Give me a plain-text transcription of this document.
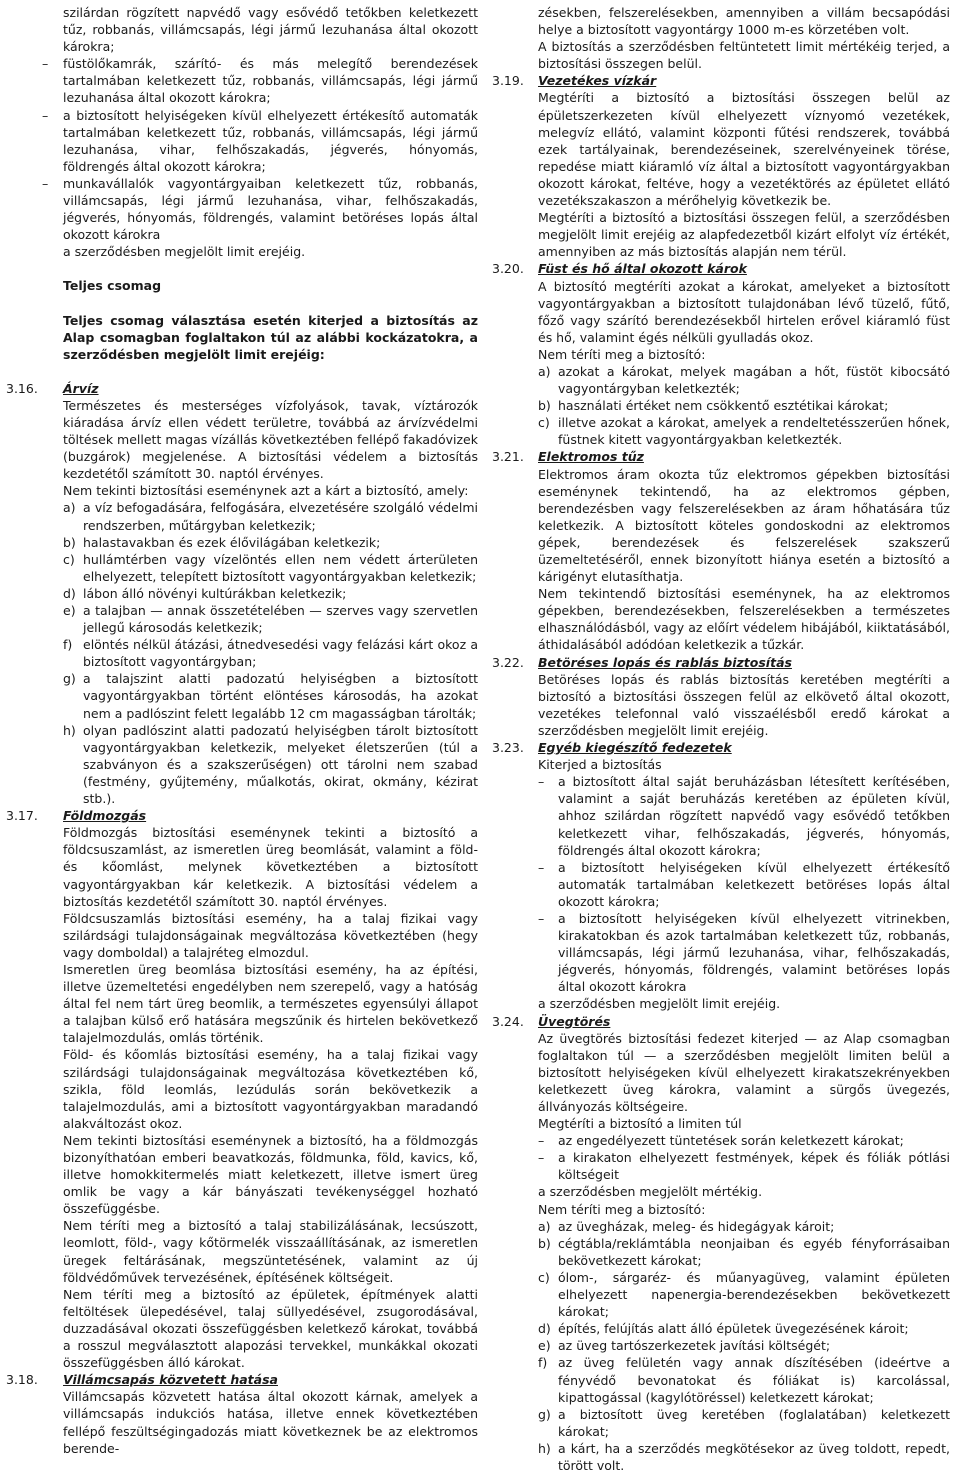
szilárdan rögzített napvédő vagy esővédő tetőkben keletkezett tűz, robbanás, villámcsapás, légi jármű lezuhanása által okozott károkra;

– füstölőkamrák, szárító- és más melegítő berendezések tartalmában keletkezett tűz, robbanás, villámcsapás, légi jármű lezuhanása által okozott károkra;

– a biztosított helyiségeken kívül elhelyezett értékesítő automaták tartalmában keletkezett tűz, robbanás, villámcsapás, légi jármű lezuhanása, vihar, felhőszakadás, jégverés, hónyomás, földrengés által okozott károkra;

– munkavállalók vagyontárgyaiban keletkezett tűz, robbanás, villámcsapás, légi jármű lezuhanása, vihar, felhőszakadás, jégverés, hónyomás, földrengés, valamint betöréses lopás által okozott károkra

a szerződésben megjelölt limit erejéig.

Teljes csomag

Teljes csomag választása esetén kiterjed a biztosítás az Alap csomagban foglaltakon túl az alábbi kockázatokra, a szerződésben megjelölt limit erejéig:

3.16. Árvíz

Természetes és mesterséges vízfolyások, tavak, víztározók kiáradása árvíz ellen védett területre, továbbá az árvízvédelmi töltések mellett magas vízállás következtében fellépő fakadóvizek (buzgárok) megjelenése. A biztosítási védelem a biztosítás kezdetétől számított 30. naptól érvényes.

Nem tekinti biztosítási eseménynek azt a kárt a biztosító, amely:

a) a víz befogadására, felfogására, elvezetésére szolgáló védelmi rendszerben, műtárgyban keletkezik;

b) halastavakban és ezek élővilágában keletkezik;

c) hullámtérben vagy vízelöntés ellen nem védett árterületen elhelyezett, telepített biztosított vagyontárgyakban keletkezik;

d) lábon álló növényi kultúrákban keletkezik;

e) a talajban — annak összetételében — szerves vagy szervetlen jellegű károsodás keletkezik;

f) elöntés nélkül átázási, átnedvesedési vagy felázási kárt okoz a biztosított vagyontárgyban;

g) a talajszint alatti padozatú helyiségben a biztosított vagyontárgyakban történt elöntéses károsodás, ha azokat nem a padlószint felett legalább 12 cm magasságban tárolták;

h) olyan padlószint alatti padozatú helyiségben tárolt biztosított vagyontárgyakban keletkezik, melyeket életszerűen (túl a szabványon és a szakszerűségen) ott tárolni nem szabad (festmény, gyűjtemény, műalkotás, okirat, okmány, kézirat stb.).

3.17. Földmozgás

Földmozgás biztosítási eseménynek tekinti a biztosító a földcsuszamlást, az ismeretlen üreg beomlását, valamint a föld- és kőomlást, melynek következtében a biztosított vagyontárgyakban kár keletkezik. A biztosítási védelem a biztosítás kezdetétől számított 30. naptól érvényes.

Földcsuszamlás biztosítási esemény, ha a talaj fizikai vagy szilárdsági tulajdonságainak megváltozása következtében (hegy vagy domboldal) a talajréteg elmozdul.

Ismeretlen üreg beomlása biztosítási esemény, ha az építési, illetve üzemeltetési engedélyben nem szerepelő, vagy a hatóság által fel nem tárt üreg beomlik, a természetes egyensúlyi állapot a talajban külső erő hatására megszűnik és hirtelen bekövetkező talajelmozdulás, omlás történik.

Föld- és kőomlás biztosítási esemény, ha a talaj fizikai vagy szilárdsági tulajdonságainak megváltozása következtében kő, szikla, föld leomlás, lezúdulás során bekövetkezik a talajelmozdulás, ami a biztosított vagyontárgyakban maradandó alakváltozást okoz.

Nem tekinti biztosítási eseménynek a biztosító, ha a földmozgás bizonyíthatóan emberi beavatkozás, földmunka, föld, kavics, kő, illetve homokkitermelés miatt keletkezett, illetve ismert üreg omlik be vagy a kár bányászati tevékenységgel hozható összefüggésbe.

Nem téríti meg a biztosító a talaj stabilizálásának, lecsúszott, leomlott, föld-, vagy kőtörmelék visszaállításának, az ismeretlen üregek feltárásának, megszüntetésének, valamint az új földvédőművek tervezésének, építésének költségeit.

Nem téríti meg a biztosító az épületek, építmények alatti feltöltések ülepedésével, talaj süllyedésével, zsugorodásával, duzzadásával okozati összefüggésben keletkező károkat, továbbá a rosszul megválasztott alapozási tervekkel, munkákkal okozati összefüggésben álló károkat.

3.18. Villámcsapás közvetett hatása

Villámcsapás közvetett hatása által okozott kárnak, amelyek a villámcsapás indukciós hatása, illetve ennek következtében fellépő feszültségingadozás miatt következnek be az elektromos berende-

zésekben, felszerelésekben, amennyiben a villám becsapódási helye a biztosított vagyontárgy 1000 m-es körzetében volt.

A biztosítás a szerződésben feltüntetett limit mértékéig terjed, a biztosítási összegen belül.

3.19. Vezetékes vízkár

Megtéríti a biztosító a biztosítási összegen belül az épületszerkezeten kívül elhelyezett víznyomó vezetékek, melegvíz ellátó, valamint központi fűtési rendszerek, továbbá ezek tartályainak, berendezéseinek, szerelvényeinek törése, repedése miatt kiáramló víz által a biztosított vagyontárgyakban okozott károkat, feltéve, hogy a vezetéktörés az épületet ellátó vezetékszakaszon a mérőhelyig következik be.

Megtéríti a biztosító a biztosítási összegen felül, a szerződésben megjelölt limit erejéig az alapfedezetből kizárt elfolyt víz értékét, amennyiben az más biztosítás alapján nem térül.

3.20. Füst és hő által okozott károk

A biztosító megtéríti azokat a károkat, amelyeket a biztosított vagyontárgyakban a biztosított tulajdonában lévő tüzelő, fűtő, főző vagy szárító berendezésekből hirtelen erővel kiáramló füst és hő, valamint égés nélküli gyulladás okoz.

Nem téríti meg a biztosító:

a) azokat a károkat, melyek magában a hőt, füstöt kibocsátó vagyontárgyban keletkezték;

b) használati értéket nem csökkentő esztétikai károkat;

c) illetve azokat a károkat, amelyek a rendeltetésszerűen hőnek, füstnek kitett vagyontárgyakban keletkezték.

3.21. Elektromos tűz

Elektromos áram okozta tűz elektromos gépekben biztosítási eseménynek tekintendő, ha az elektromos gépben, berendezésben vagy felszerelésekben az áram hőhatására tűz keletkezik. A biztosított köteles gondoskodni az elektromos gépek, berendezések és felszerelések szakszerű üzemeltetéséről, ennek bizonyított hiánya esetén a biztosító a kárigényt elutasíthatja.

Nem tekintendő biztosítási eseménynek, ha az elektromos gépekben, berendezésekben, felszerelésekben a természetes elhasználódásból, vagy az előírt védelem hibájából, kiiktatásából, áthidalásából adódóan keletkezik a tűzkár.

3.22. Betöréses lopás és rablás biztosítás

Betöréses lopás és rablás biztosítás keretében megtéríti a biztosító a biztosítási összegen felül az elkövető által okozott, vezetékes telefonnal való visszaélésből eredő károkat a szerződésben megjelölt limit erejéig.

3.23. Egyéb kiegészítő fedezetek

Kiterjed a biztosítás

– a biztosított által saját beruházásban létesített kerítésében, valamint a saját beruházás keretében az épületen kívül, ahhoz szilárdan rögzített napvédő vagy esővédő tetőkben keletkezett vihar, felhőszakadás, jégverés, hónyomás, földrengés által okozott károkra;

– a biztosított helyiségeken kívül elhelyezett értékesítő automaták tartalmában keletkezett betöréses lopás által okozott károkra;

– a biztosított helyiségeken kívül elhelyezett vitrinekben, kirakatokban és azok tartalmában keletkezett tűz, robbanás, villámcsapás, légi jármű lezuhanása, vihar, felhőszakadás, jégverés, hónyomás, földrengés, valamint betöréses lopás által okozott károkra

a szerződésben megjelölt limit erejéig.

3.24. Üvegtörés

Az üvegtörés biztosítási fedezet kiterjed — az Alap csomagban foglaltakon túl — a szerződésben megjelölt limiten belül a biztosított helyiségeken kívül elhelyezett kirakatszekrényekben keletkezett üveg károkra, valamint a sürgős üvegezés, állványozás költségeire.

Megtéríti a biztosító a limiten túl

– az engedélyezett tüntetések során keletkezett károkat;

– a kirakaton elhelyezett festmények, képek és fóliák pótlási költségeit

a szerződésben megjelölt mértékig.

Nem téríti meg a biztosító:

a) az üvegházak, meleg- és hidegágyak károit;

b) cégtábla/reklámtábla neonjaiban és egyéb fényforrásaiban bekövetkezett károkat;

c) ólom-, sárgaréz- és műanyagüveg, valamint épületen elhelyezett napenergia-berendezésekben bekövetkezett károkat;

d) építés, felújítás alatt álló épületek üvegezésének károit;

e) az üveg tartószerkezetek javítási költségét;

f) az üveg felületén vagy annak díszítésében (ideértve a fényvédő bevonatokat és fóliákat is) karcolással, kipattogással (kagylótöréssel) keletkezett károkat;

g) a biztosított üveg keretében (foglalatában) keletkezett károkat;

h) a kárt, ha a szerződés megkötésekor az üveg toldott, repedt, törött volt.
